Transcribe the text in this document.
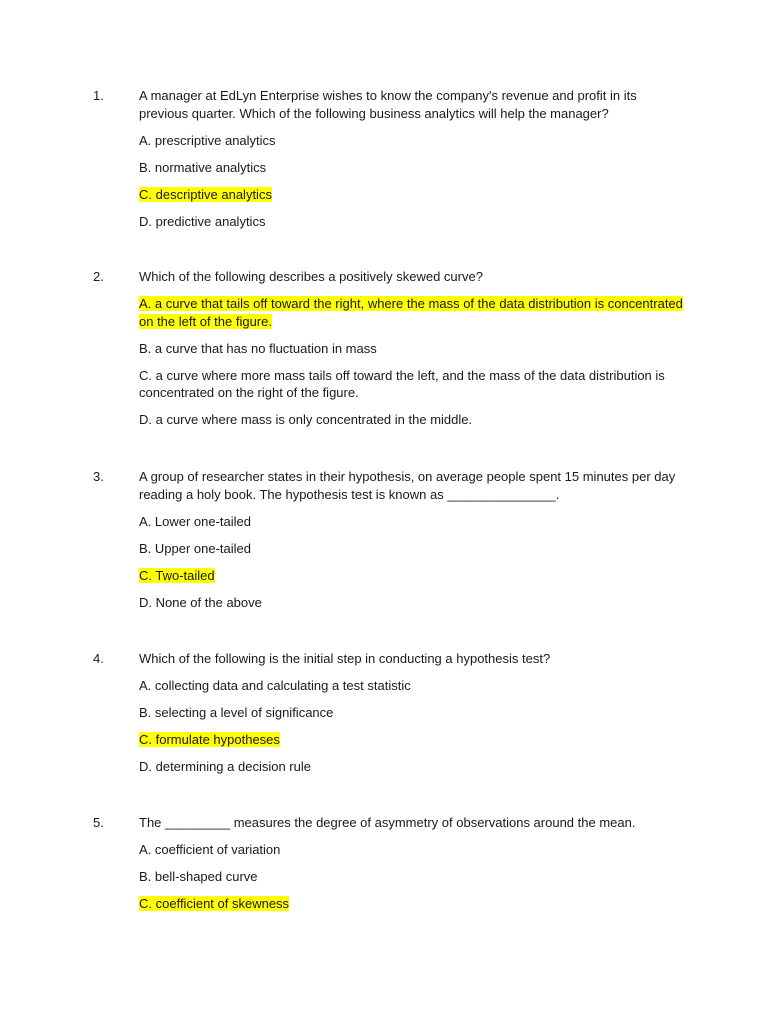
1.	A manager at EdLyn Enterprise wishes to know the company's revenue and profit in its previous quarter. Which of the following business analytics will help the manager?

A. prescriptive analytics

B. normative analytics

C. descriptive analytics

D. predictive analytics

2.	Which of the following describes a positively skewed curve?

A. a curve that tails off toward the right, where the mass of the data distribution is concentrated on the left of the figure.

B. a curve that has no fluctuation in mass

C. a curve where more mass tails off toward the left, and the mass of the data distribution is concentrated on the right of the figure.

D. a curve where mass is only concentrated in the middle.

3.	A group of researcher states in their hypothesis, on average people spent 15 minutes per day reading a holy book. The hypothesis test is known as _______________.

A. Lower one-tailed

B. Upper one-tailed

C. Two-tailed

D. None of the above

4.	Which of the following is the initial step in conducting a hypothesis test?

A. collecting data and calculating a test statistic

B. selecting a level of significance

C. formulate hypotheses

D. determining a decision rule

5.	The _________ measures the degree of asymmetry of observations around the mean.

A. coefficient of variation

B. bell-shaped curve

C. coefficient of skewness
